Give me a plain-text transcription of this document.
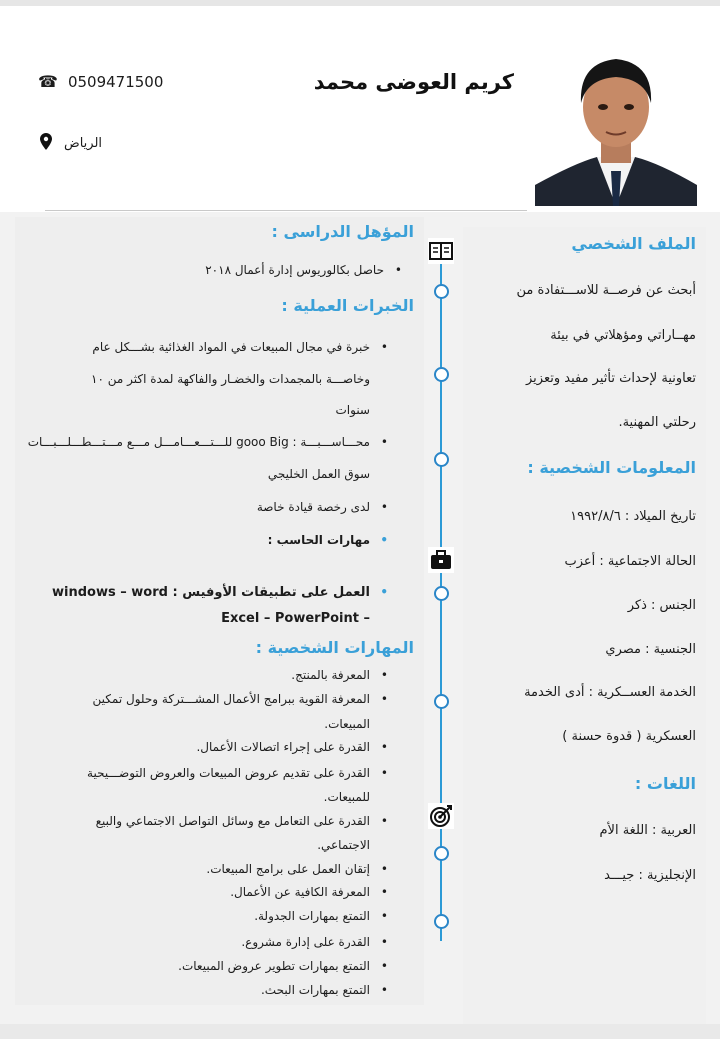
كريم العوضى محمد
☎ 0509471500
الرياض
الملف الشخصي
أبحث عن فرصــة للاســـتفادة من
مهــاراتي ومؤهلاتي في بيئة
تعاونية لإحداث تأثير مفيد وتعزيز
رحلتي المهنية.
المعلومات الشخصية :
تاريخ الميلاد : ١٩٩٢/٨/٦
الحالة الاجتماعية : أعزب
الجنس : ذكر
الجنسية : مصري
الخدمة العســكرية : أدى الخدمة
العسكرية ( قدوة حسنة )
اللغات :
العربية : اللغة الأم
الإنجليزية : جيـــد
المؤهل الدراسى :
• حاصل بكالوريوس إدارة أعمال ٢٠١٨
الخبرات العملية :
• خبرة في مجال المبيعات في المواد الغذائية بشـــكل عام
وخاصـــة بالمجمدات والخضـار والفاكهة لمدة اكثر من ١٠
سنوات
• محـــاســـبـــة : gooo Big للـــتـــعـــامـــل مـــع مـــتـــطـــلـــبـــات
سوق العمل الخليجي
• لدى رخصة قيادة خاصة
• مهارات الحاسب :
• العمل على تطبيقات الأوفيس : windows – word
– Excel – PowerPoint
المهارات الشخصية :
• المعرفة بالمنتج.
• المعرفة القوية ببرامج الأعمال المشـــتركة وحلول تمكين
المبيعات.
• القدرة على إجراء اتصالات الأعمال.
• القدرة على تقديم عروض المبيعات والعروض التوضـــيحية
للمبيعات.
• القدرة على التعامل مع وسائل التواصل الاجتماعي والبيع
الاجتماعي.
• إتقان العمل على برامج المبيعات.
• المعرفة الكافية عن الأعمال.
• التمتع بمهارات الجدولة.
• القدرة على إدارة مشروع.
• التمتع بمهارات تطوير عروض المبيعات.
• التمتع بمهارات البحث.
